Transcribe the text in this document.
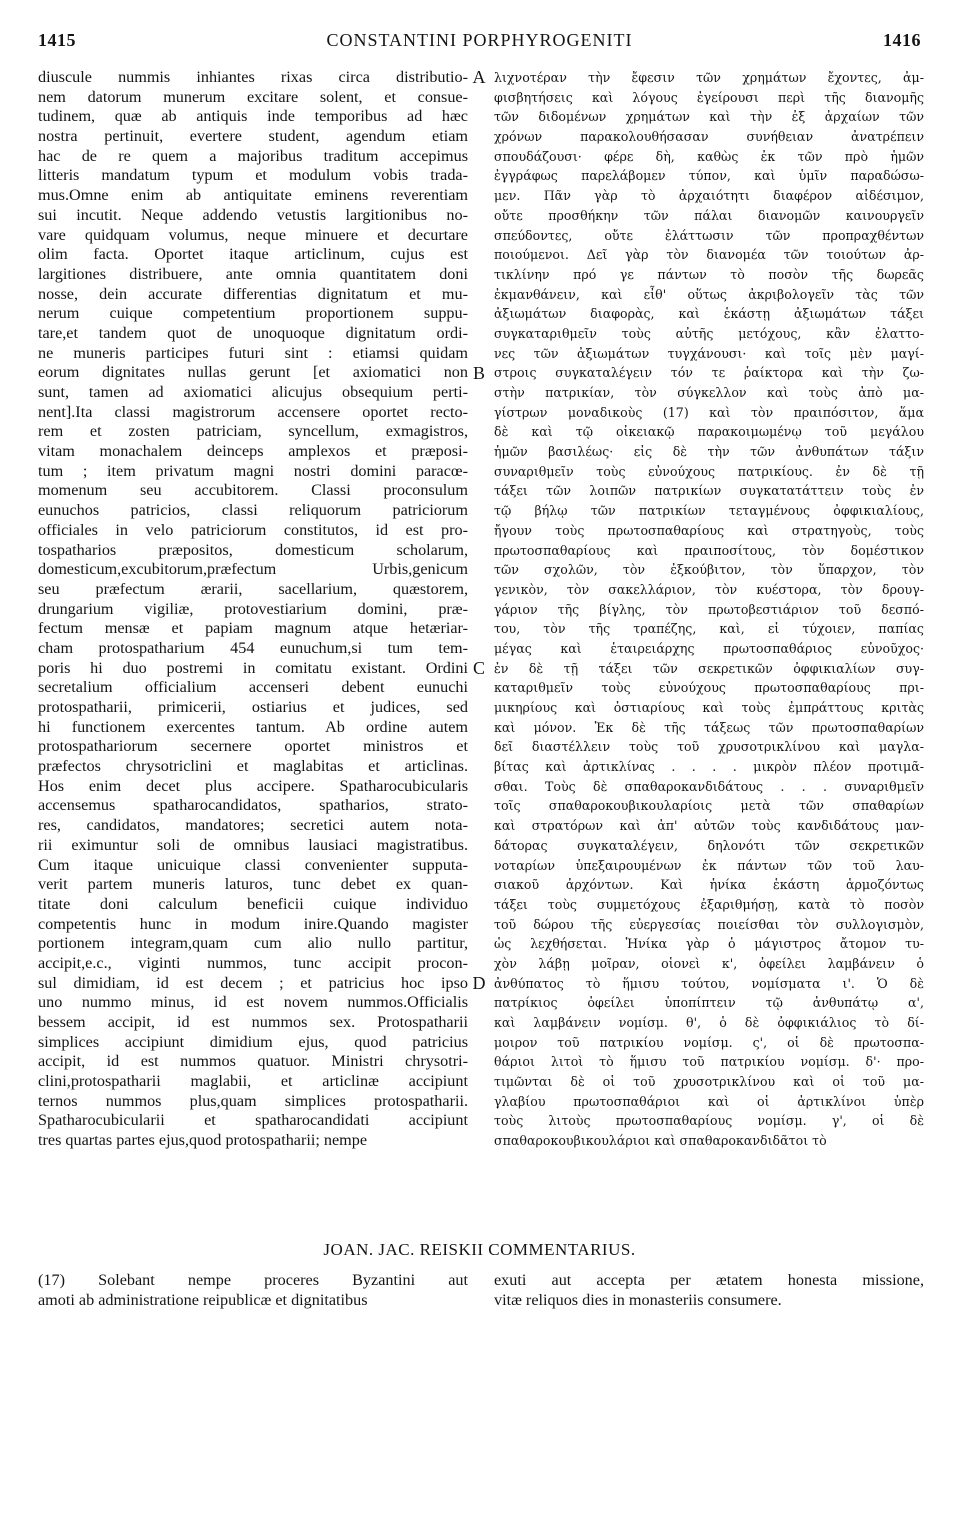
1415	CONSTANTINI PORPHYROGENITI	1416
diuscule nummis inhiantes rixas circa distributio-
nem datorum munerum excitare solent, et consue-
tudinem, quæ ab antiquis inde temporibus ad hæc
nostra pertinuit, evertere student, agendum etiam
hac de re quem a majoribus traditum accepimus
litteris mandatum typum et modulum vobis trada-
mus.Omne enim ab antiquitate eminens reverentiam
sui incutit. Neque addendo vetustis largitionibus no-
vare quidquam volumus, neque minuere et decurtare
olim facta. Oportet itaque articlinum, cujus est
largitiones distribuere, ante omnia quantitatem doni
nosse, dein accurate differentias dignitatum et mu-
nerum cuique competentium proportionem suppu-
tare,et tandem quot de unoquoque dignitatum ordi-
ne muneris participes futuri sint : etiamsi quidam
eorum dignitates nullas gerunt [et axiomatici non
sunt, tamen ad axiomatici alicujus obsequium perti-
nent].Ita classi magistrorum accensere oportet recto-
rem et zosten patriciam, syncellum, exmagistros,
vitam monachalem deinceps amplexos et præposi-
tum ; item privatum magni nostri domini paracœ-
momenum seu accubitorem. Classi proconsulum
eunuchos patricios, classi reliquorum patriciorum
officiales in velo patriciorum constitutos, id est pro-
tospatharios præpositos, domesticum scholarum,
domesticum,excubitorum,præfectum Urbis,genicum
seu præfectum ærarii, sacellarium, quæstorem,
drungarium vigiliæ, protovestiarium domini, præ-
fectum mensæ et papiam magnum atque hetæriar-
cham protospatharium 454 eunuchum,si tum tem-
poris hi duo postremi in comitatu existant. Ordini
secretalium officialium accenseri debent eunuchi
protospatharii, primicerii, ostiarius et judices, sed
hi functionem exercentes tantum. Ab ordine autem
protospathariorum secernere oportet ministros et
præfectos chrysotriclini et maglabitas et articlinas.
Hos enim decet plus accipere. Spatharocubicularis
accensemus spatharocandidatos, spatharios, strato-
res, candidatos, mandatores; secretici autem nota-
rii eximuntur soli de omnibus lausiaci magistratibus.
Cum itaque unicuique classi convenienter supputa-
verit partem muneris laturos, tunc debet ex quan-
titate doni calculum beneficii cuique individuo
competentis hunc in modum inire.Quando magister
portionem integram,quam cum alio nullo partitur,
accipit,e.c., viginti nummos, tunc accipit procon-
sul dimidiam, id est decem ; et patricius hoc ipso
uno nummo minus, id est novem nummos.Officialis
bessem accipit, id est nummos sex. Protospatharii
simplices accipiunt dimidium ejus, quod patricius
accipit, id est nummos quatuor. Ministri chrysotri-
clini,protospatharii maglabii, et articlinæ accipiunt
ternos nummos plus,quam simplices protospatharii.
Spatharocubicularii et spatharocandidati accipiunt
tres quartas partes ejus,quod protospatharii; nempe
λιχνοτέραν τὴν ἔφεσιν τῶν χρημάτων ἔχοντες, ἀμ-
φισβητήσεις καὶ λόγους ἐγείρουσι περὶ τῆς διανομῆς
τῶν διδομένων χρημάτων καὶ τὴν ἐξ ἀρχαίων τῶν
χρόνων παρακολουθήσασαν συνήθειαν ἀνατρέπειν
σπουδάζουσι· φέρε δὴ, καθὼς ἐκ τῶν πρὸ ἡμῶν
ἐγγράφως παρελάβομεν τύπον, καὶ ὑμῖν παραδώσω-
μεν. Πᾶν γὰρ τὸ ἀρχαιότητι διαφέρον αἰδέσιμον,
οὔτε προσθήκην τῶν πάλαι διανομῶν καινουργεῖν
σπεύδοντες, οὔτε ἐλάττωσιν τῶν προπραχθέντων
ποιούμενοι. Δεῖ γὰρ τὸν διανομέα τῶν τοιούτων ἀρ-
τικλίνην πρό γε πάντων τὸ ποσὸν τῆς δωρεᾶς
ἐκμανθάνειν, καὶ εἶθ' οὕτως ἀκριβολογεῖν τὰς τῶν
ἀξιωμάτων διαφορὰς, καὶ ἑκάστῃ ἀξιωμάτων τάξει
συγκαταριθμεῖν τοὺς αὐτῆς μετόχους, κἂν ἐλαττο-
νες τῶν ἀξιωμάτων τυγχάνουσι· καὶ τοῖς μὲν μαγί-
στροις συγκαταλέγειν τόν τε ῥαίκτορα καὶ τὴν ζω-
στὴν πατρικίαν, τὸν σύγκελλον καὶ τοὺς ἀπὸ μα-
γίστρων μοναδικοὺς (17) καὶ τὸν πραιπόσιτον, ἅμα
δὲ καὶ τῷ οἰκειακῷ παρακοιμωμένῳ τοῦ μεγάλου
ἡμῶν βασιλέως· εἰς δὲ τὴν τῶν ἀνθυπάτων τάξιν
συναριθμεῖν τοὺς εὐνούχους πατρικίους. ἐν δὲ τῇ
τάξει τῶν λοιπῶν πατρικίων συγκατατάττειν τοὺς ἐν
τῷ βήλῳ τῶν πατρικίων τεταγμένους ὀφφικιαλίους,
ἤγουν τοὺς πρωτοσπαθαρίους καὶ στρατηγοὺς, τοὺς
πρωτοσπαθαρίους καὶ πραιποσίτους, τὸν δομέστικον
τῶν σχολῶν, τὸν ἐξκούβιτον, τὸν ὕπαρχον, τὸν
γενικὸν, τὸν σακελλάριον, τὸν κυέστορα, τὸν δρουγ-
γάριον τῆς βίγλης, τὸν πρωτοβεστιάριον τοῦ δεσπό-
του, τὸν τῆς τραπέζης, καὶ, εἰ τύχοιεν, παπίας
μέγας καὶ ἑταιρειάρχης πρωτοσπαθάριος εὐνοῦχος·
ἐν δὲ τῇ τάξει τῶν σεκρετικῶν ὀφφικιαλίων συγ-
καταριθμεῖν τοὺς εὐνούχους πρωτοσπαθαρίους πρι-
μικηρίους καὶ ὀστιαρίους καὶ τοὺς ἐμπράττους κριτὰς
καὶ μόνον. Ἐκ δὲ τῆς τάξεως τῶν πρωτοσπαθαρίων
δεῖ διαστέλλειν τοὺς τοῦ χρυσοτρικλίνου καὶ μαγλα-
βίτας καὶ ἀρτικλίνας . . . . μικρὸν πλέον προτιμᾶ-
σθαι. Τοὺς δὲ σπαθαροκανδιδάτους . . . συναριθμεῖν
τοῖς σπαθαροκουβικουλαρίοις μετὰ τῶν σπαθαρίων
καὶ στρατόρων καὶ ἀπ' αὐτῶν τοὺς κανδιδάτους μαν-
δάτορας συγκαταλέγειν, δηλονότι τῶν σεκρετικῶν
νοταρίων ὑπεξαιρουμένων ἐκ πάντων τῶν τοῦ λαυ-
σιακοῦ ἀρχόντων. Καὶ ἡνίκα ἑκάστη ἁρμοζόντως
τάξει τοὺς συμμετόχους ἐξαριθμήσῃ, κατὰ τὸ ποσὸν
τοῦ δώρου τῆς εὐεργεσίας ποιείσθαι τὸν συλλογισμὸν,
ὡς λεχθήσεται. Ἡνίκα γὰρ ὁ μάγιστρος ἄτομον τυ-
χὸν λάβῃ μοῖραν, οἱονεὶ κ', ὀφείλει λαμβάνειν ὁ
ἀνθύπατος τὸ ἥμισυ τούτου, νομίσματα ι'. Ὁ δὲ
πατρίκιος ὀφείλει ὑποπίπτειν τῷ ἀνθυπάτῳ α',
καὶ λαμβάνειν νομίσμ. θ', ὁ δὲ ὀφφικιάλιος τὸ δί-
μοιρον τοῦ πατρικίου νομίσμ. ς', οἱ δὲ πρωτοσπα-
θάριοι λιτοὶ τὸ ἥμισυ τοῦ πατρικίου νομίσμ. δ'· προ-
τιμῶνται δὲ οἱ τοῦ χρυσοτρικλίνου καὶ οἱ τοῦ μα-
γλαβίου πρωτοσπαθάριοι καὶ οἱ ἀρτικλίνοι ὑπὲρ
τοὺς λιτοὺς πρωτοσπαθαρίους νομίσμ. γ', οἱ δὲ
σπαθαροκουβικουλάριοι καὶ σπαθαροκανδιδᾶτοι τὸ
A
B
C
D
JOAN. JAC. REISKII COMMENTARIUS.
(17) Solebant nempe proceres Byzantini aut
amoti ab administratione reipublicæ et dignitatibus
exuti aut accepta per ætatem honesta missione,
vitæ reliquos dies in monasteriis consumere.
